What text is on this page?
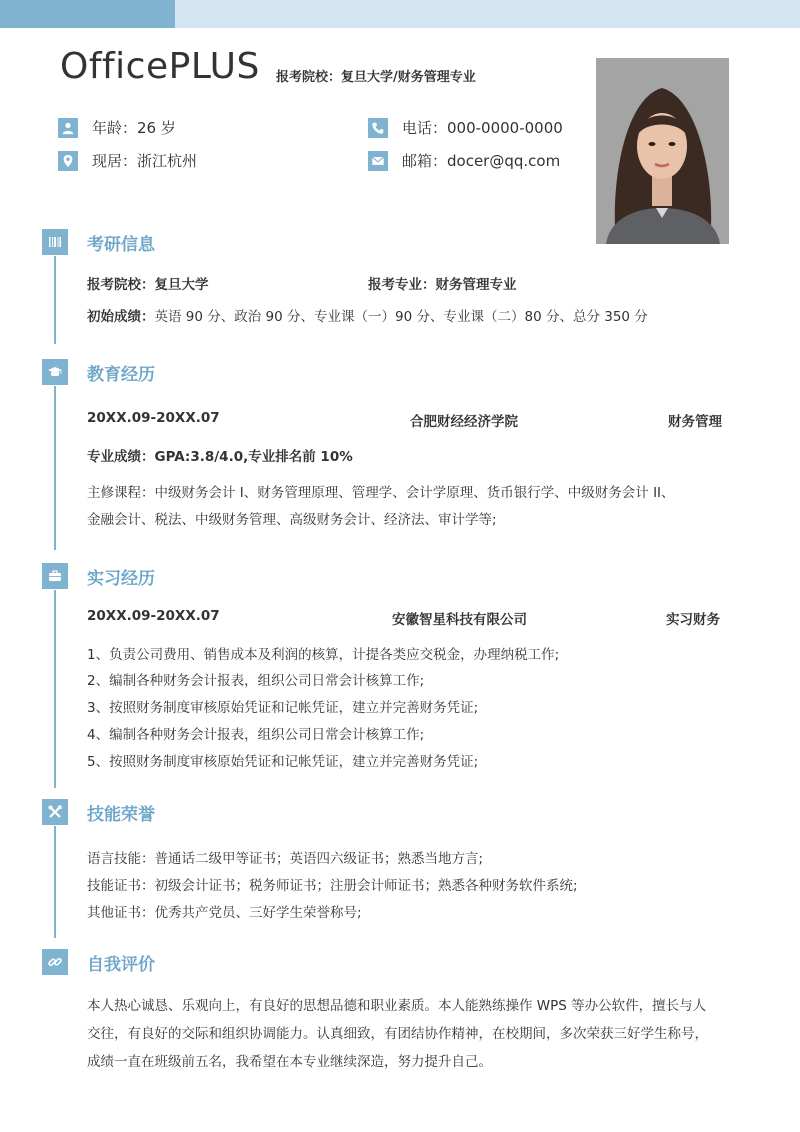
OfficePLUS 报考院校：复旦大学/财务管理专业
年龄：26 岁	电话：000-0000-0000
现居：浙江杭州	邮箱：docer@qq.com
考研信息
报考院校：复旦大学	报考专业：财务管理专业
初始成绩：英语 90 分、政治 90 分、专业课（一）90 分、专业课（二）80 分、总分 350 分
教育经历
20XX.09-20XX.07	合肥财经经济学院	财务管理
专业成绩：GPA:3.8/4.0,专业排名前 10%
主修课程：中级财务会计 I、财务管理原理、管理学、会计学原理、货币银行学、中级财务会计 II、
金融会计、税法、中级财务管理、高级财务会计、经济法、审计学等;
实习经历
20XX.09-20XX.07	安徽智星科技有限公司	实习财务
1、负责公司费用、销售成本及利润的核算，计提各类应交税金，办理纳税工作;
2、编制各种财务会计报表，组织公司日常会计核算工作;
3、按照财务制度审核原始凭证和记帐凭证，建立并完善财务凭证;
4、编制各种财务会计报表，组织公司日常会计核算工作;
5、按照财务制度审核原始凭证和记帐凭证，建立并完善财务凭证;
技能荣誉
语言技能：普通话二级甲等证书；英语四六级证书；熟悉当地方言;
技能证书：初级会计证书；税务师证书；注册会计师证书；熟悉各种财务软件系统;
其他证书：优秀共产党员、三好学生荣誉称号;
自我评价
本人热心诚恳、乐观向上，有良好的思想品德和职业素质。本人能熟练操作 WPS 等办公软件，擅长与人
交往，有良好的交际和组织协调能力。认真细致，有团结协作精神，在校期间，多次荣获三好学生称号，
成绩一直在班级前五名，我希望在本专业继续深造，努力提升自己。
